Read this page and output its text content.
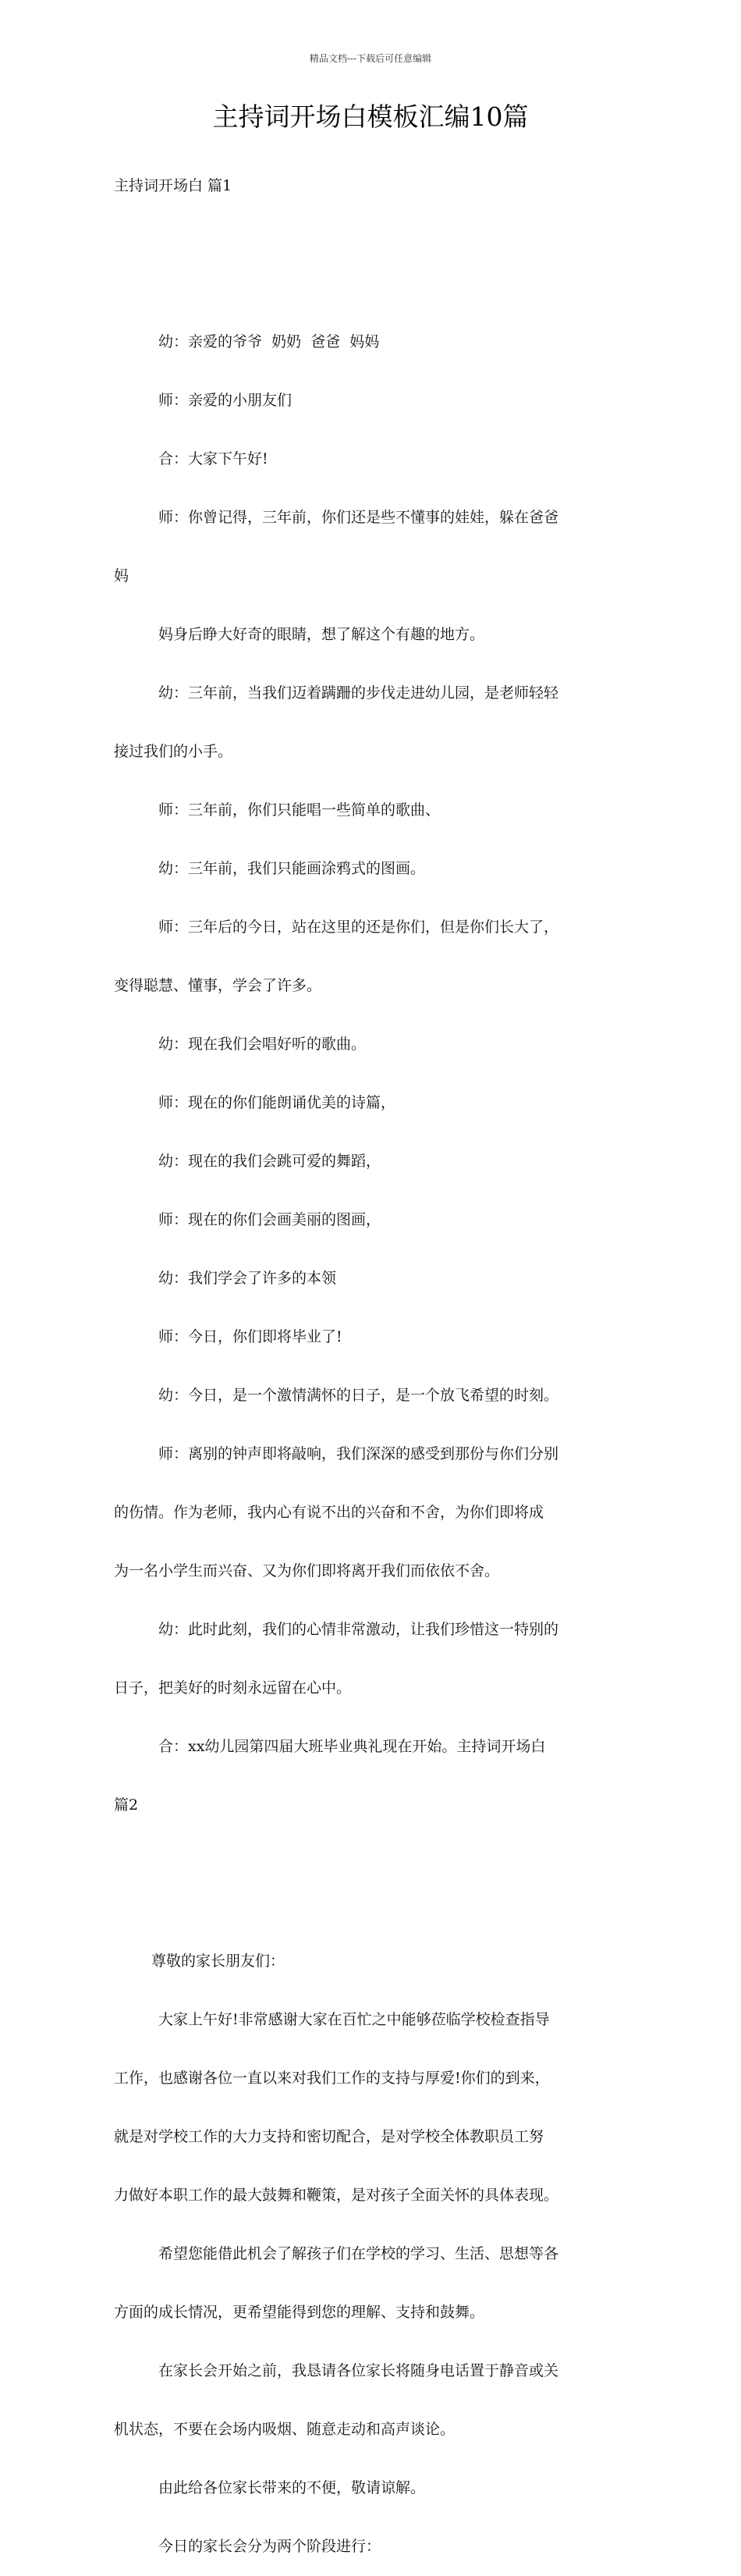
精品文档---下载后可任意编辑
主持词开场白模板汇编10篇

主持词开场白 篇1

幼：亲爱的爷爷  奶奶  爸爸  妈妈

师：亲爱的小朋友们

合：大家下午好!

师：你曾记得，三年前，你们还是些不懂事的娃娃，躲在爸爸

妈

妈身后睁大好奇的眼睛，想了解这个有趣的地方。

幼：三年前，当我们迈着蹒跚的步伐走进幼儿园，是老师轻轻

接过我们的小手。

师：三年前，你们只能唱一些简单的歌曲、

幼：三年前，我们只能画涂鸦式的图画。

师：三年后的今日，站在这里的还是你们，但是你们长大了，

变得聪慧、懂事，学会了许多。

幼：现在我们会唱好听的歌曲。

师：现在的你们能朗诵优美的诗篇，

幼：现在的我们会跳可爱的舞蹈，

师：现在的你们会画美丽的图画，

幼：我们学会了许多的本领

师：今日，你们即将毕业了!

幼：今日，是一个激情满怀的日子，是一个放飞希望的时刻。

师：离别的钟声即将敲响，我们深深的感受到那份与你们分别

的伤情。作为老师，我内心有说不出的兴奋和不舍，为你们即将成

为一名小学生而兴奋、又为你们即将离开我们而依依不舍。

幼：此时此刻，我们的心情非常激动，让我们珍惜这一特别的

日子，把美好的时刻永远留在心中。

合：xx幼儿园第四届大班毕业典礼现在开始。主持词开场白

篇2

尊敬的家长朋友们：

大家上午好!非常感谢大家在百忙之中能够莅临学校检查指导

工作，也感谢各位一直以来对我们工作的支持与厚爱!你们的到来，

就是对学校工作的大力支持和密切配合，是对学校全体教职员工努

力做好本职工作的最大鼓舞和鞭策，是对孩子全面关怀的具体表现。

希望您能借此机会了解孩子们在学校的学习、生活、思想等各

方面的成长情况，更希望能得到您的理解、支持和鼓舞。

在家长会开始之前，我恳请各位家长将随身电话置于静音或关

机状态，不要在会场内吸烟、随意走动和高声谈论。

由此给各位家长带来的不便，敬请谅解。

今日的家长会分为两个阶段进行：
